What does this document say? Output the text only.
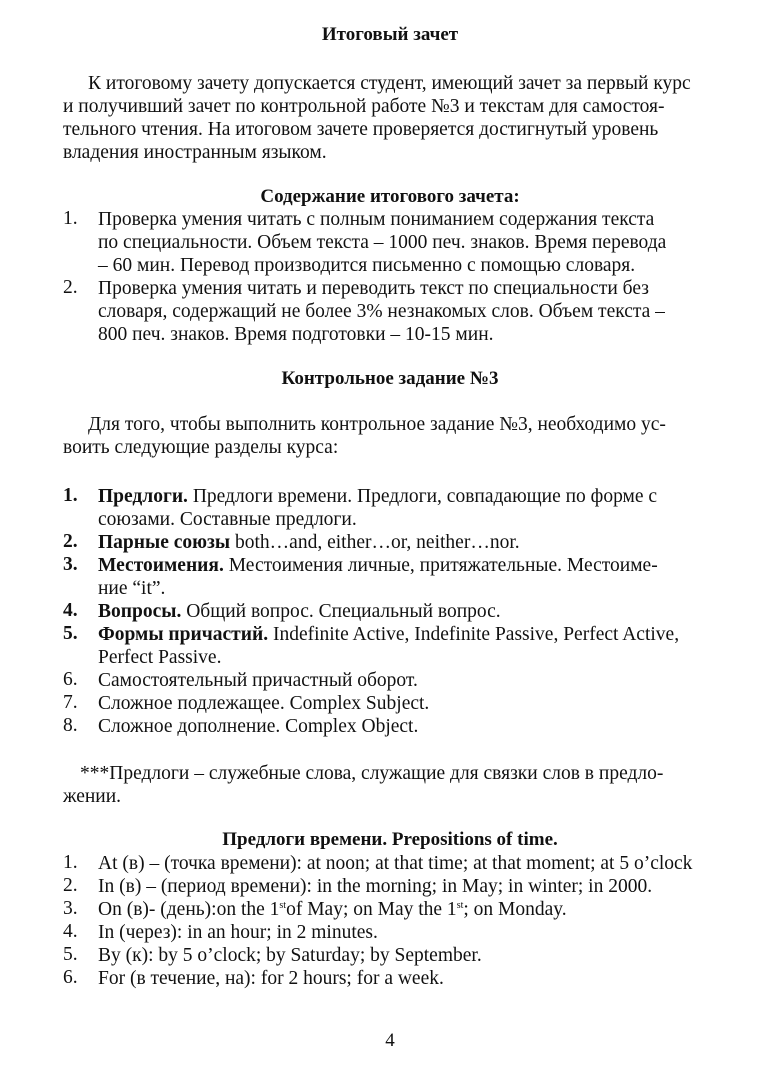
Итоговый зачет
К итоговому зачету допускается студент, имеющий зачет за первый курс
и получивший зачет по контрольной работе №3 и текстам для самостоя-
тельного чтения. На итоговом зачете проверяется достигнутый уровень
владения иностранным языком.
Содержание итогового зачета:
1. Проверка умения читать с полным пониманием содержания текста
по специальности. Объем текста – 1000 печ. знаков. Время перевода
– 60 мин. Перевод производится письменно с помощью словаря.
2. Проверка умения читать и переводить текст по специальности без
словаря, содержащий не более 3% незнакомых слов. Объем текста –
800 печ. знаков. Время подготовки – 10-15 мин.
Контрольное задание №3
Для того, чтобы выполнить контрольное задание №3, необходимо ус-
воить следующие разделы курса:
1. Предлоги. Предлоги времени. Предлоги, совпадающие по форме с
союзами. Составные предлоги.
2. Парные союзы both…and, either…or, neither…nor.
3. Местоимения. Местоимения личные, притяжательные. Местоиме-
ние “it”.
4. Вопросы. Общий вопрос. Специальный вопрос.
5. Формы причастий. Indefinite Active, Indefinite Passive, Perfect Active,
Perfect Passive.
6. Самостоятельный причастный оборот.
7. Сложное подлежащее. Complex Subject.
8. Сложное дополнение. Complex Object.
***Предлоги – служебные слова, служащие для связки слов в предло-
жении.
Предлоги времени. Prepositions of time.
1. At (в) – (точка времени): at noon; at that time; at that moment; at 5 o’clock
2. In (в) – (период времени): in the morning; in May; in winter; in 2000.
3. On (в)- (день):on the 1stof May; on May the 1st; on Monday.
4. In (через): in an hour; in 2 minutes.
5. By (к): by 5 o’clock; by Saturday; by September.
6. For (в течение, на): for 2 hours; for a week.
4
